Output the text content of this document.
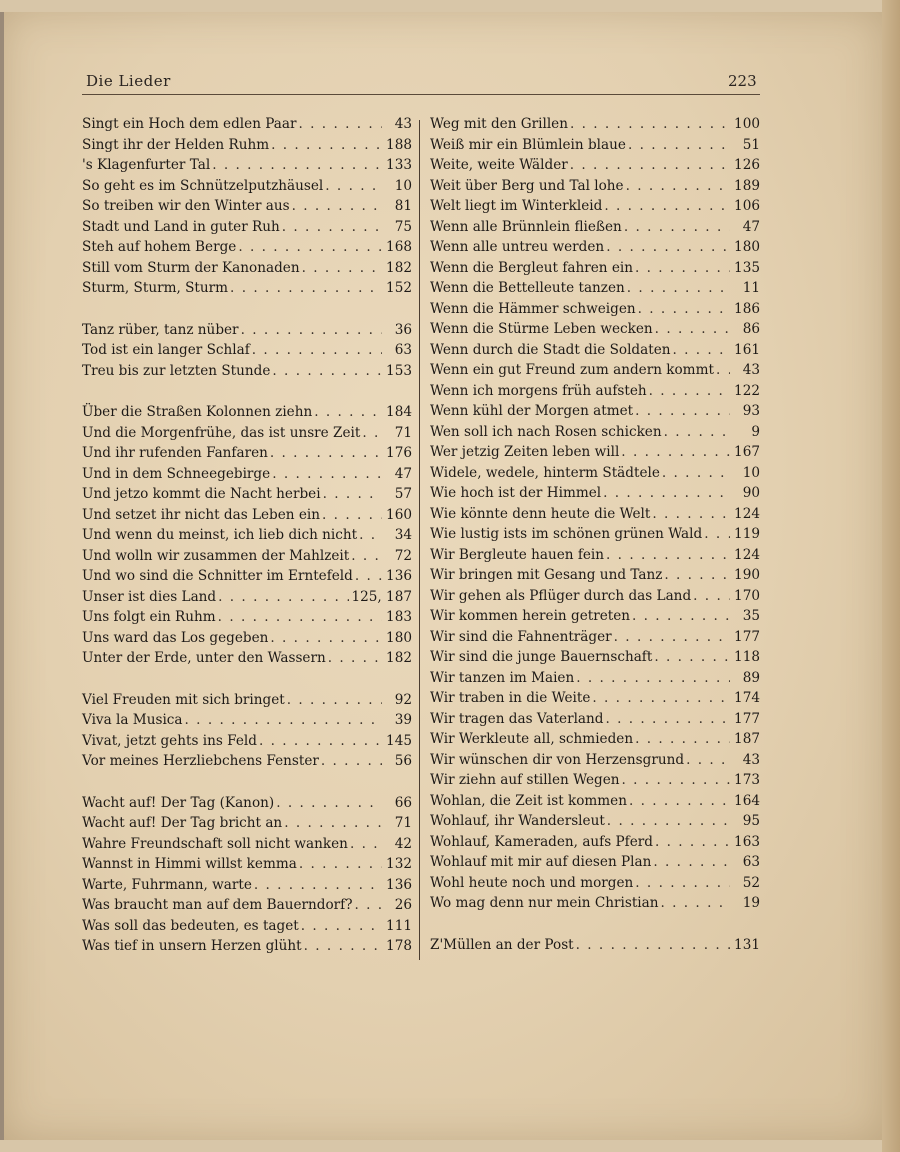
Die Lieder	223
Singt ein Hoch dem edlen Paar . . .	43
Singt ihr der Helden Ruhm . . .	188
's Klagenfurter Tal . . .	133
So geht es im Schnützelputzhäusel . . .	10
So treiben wir den Winter aus . . .	81
Stadt und Land in guter Ruh . . .	75
Steh auf hohem Berge . . .	168
Still vom Sturm der Kanonaden . . .	182
Sturm, Sturm, Sturm . . .	152
Tanz rüber, tanz nüber . . .	36
Tod ist ein langer Schlaf . . .	63
Treu bis zur letzten Stunde . . .	153
Über die Straßen Kolonnen ziehn . . .	184
Und die Morgenfrühe, das ist unsre Zeit . . .	71
Und ihr rufenden Fanfaren . . .	176
Und in dem Schneegebirge . . .	47
Und jetzo kommt die Nacht herbei . . .	57
Und setzet ihr nicht das Leben ein . . .	160
Und wenn du meinst, ich lieb dich nicht . . .	34
Und wolln wir zusammen der Mahlzeit . . .	72
Und wo sind die Schnitter im Erntefeld . . . 136
Unser ist dies Land . . .	125, 187
Uns folgt ein Ruhm . . .	183
Uns ward das Los gegeben . . .	180
Unter der Erde, unter den Wassern . . .	182
Viel Freuden mit sich bringet . . .	92
Viva la Musica . . .	39
Vivat, jetzt gehts ins Feld . . .	145
Vor meines Herzliebchens Fenster . . .	56
Wacht auf! Der Tag (Kanon) . . .	66
Wacht auf! Der Tag bricht an . . .	71
Wahre Freundschaft soll nicht wanken . . .	42
Wannst in Himmi willst kemma . . .	132
Warte, Fuhrmann, warte . . .	136
Was braucht man auf dem Bauerndorf? . . .	26
Was soll das bedeuten, es taget . . .	111
Was tief in unsern Herzen glüht . . .	178
Weg mit den Grillen . . .	100
Weiß mir ein Blümlein blaue . . .	51
Weite, weite Wälder . . .	126
Weit über Berg und Tal lohe . . .	189
Welt liegt im Winterkleid . . .	106
Wenn alle Brünnlein fließen . . .	47
Wenn alle untreu werden . . .	180
Wenn die Bergleut fahren ein . . .	135
Wenn die Bettelleute tanzen . . .	11
Wenn die Hämmer schweigen . . .	186
Wenn die Stürme Leben wecken . . .	86
Wenn durch die Stadt die Soldaten . . .	161
Wenn ein gut Freund zum andern kommt . . .	43
Wenn ich morgens früh aufsteh . . .	122
Wenn kühl der Morgen atmet . . .	93
Wen soll ich nach Rosen schicken . . .	9
Wer jetzig Zeiten leben will . . .	167
Widele, wedele, hinterm Städtele . . .	10
Wie hoch ist der Himmel . . .	90
Wie könnte denn heute die Welt . . .	124
Wie lustig ists im schönen grünen Wald . . . 119
Wir Bergleute hauen fein . . .	124
Wir bringen mit Gesang und Tanz . . .	190
Wir gehen als Pflüger durch das Land . . .	170
Wir kommen herein getreten . . .	35
Wir sind die Fahnenträger . . .	177
Wir sind die junge Bauernschaft . . .	118
Wir tanzen im Maien . . .	89
Wir traben in die Weite . . .	174
Wir tragen das Vaterland . . .	177
Wir Werkleute all, schmieden . . .	187
Wir wünschen dir von Herzensgrund . . .	43
Wir ziehn auf stillen Wegen . . .	173
Wohlan, die Zeit ist kommen . . .	164
Wohlauf, ihr Wandersleut . . .	95
Wohlauf, Kameraden, aufs Pferd . . .	163
Wohlauf mit mir auf diesen Plan . . .	63
Wohl heute noch und morgen . . .	52
Wo mag denn nur mein Christian . . .	19
Z'Müllen an der Post . . .	131
